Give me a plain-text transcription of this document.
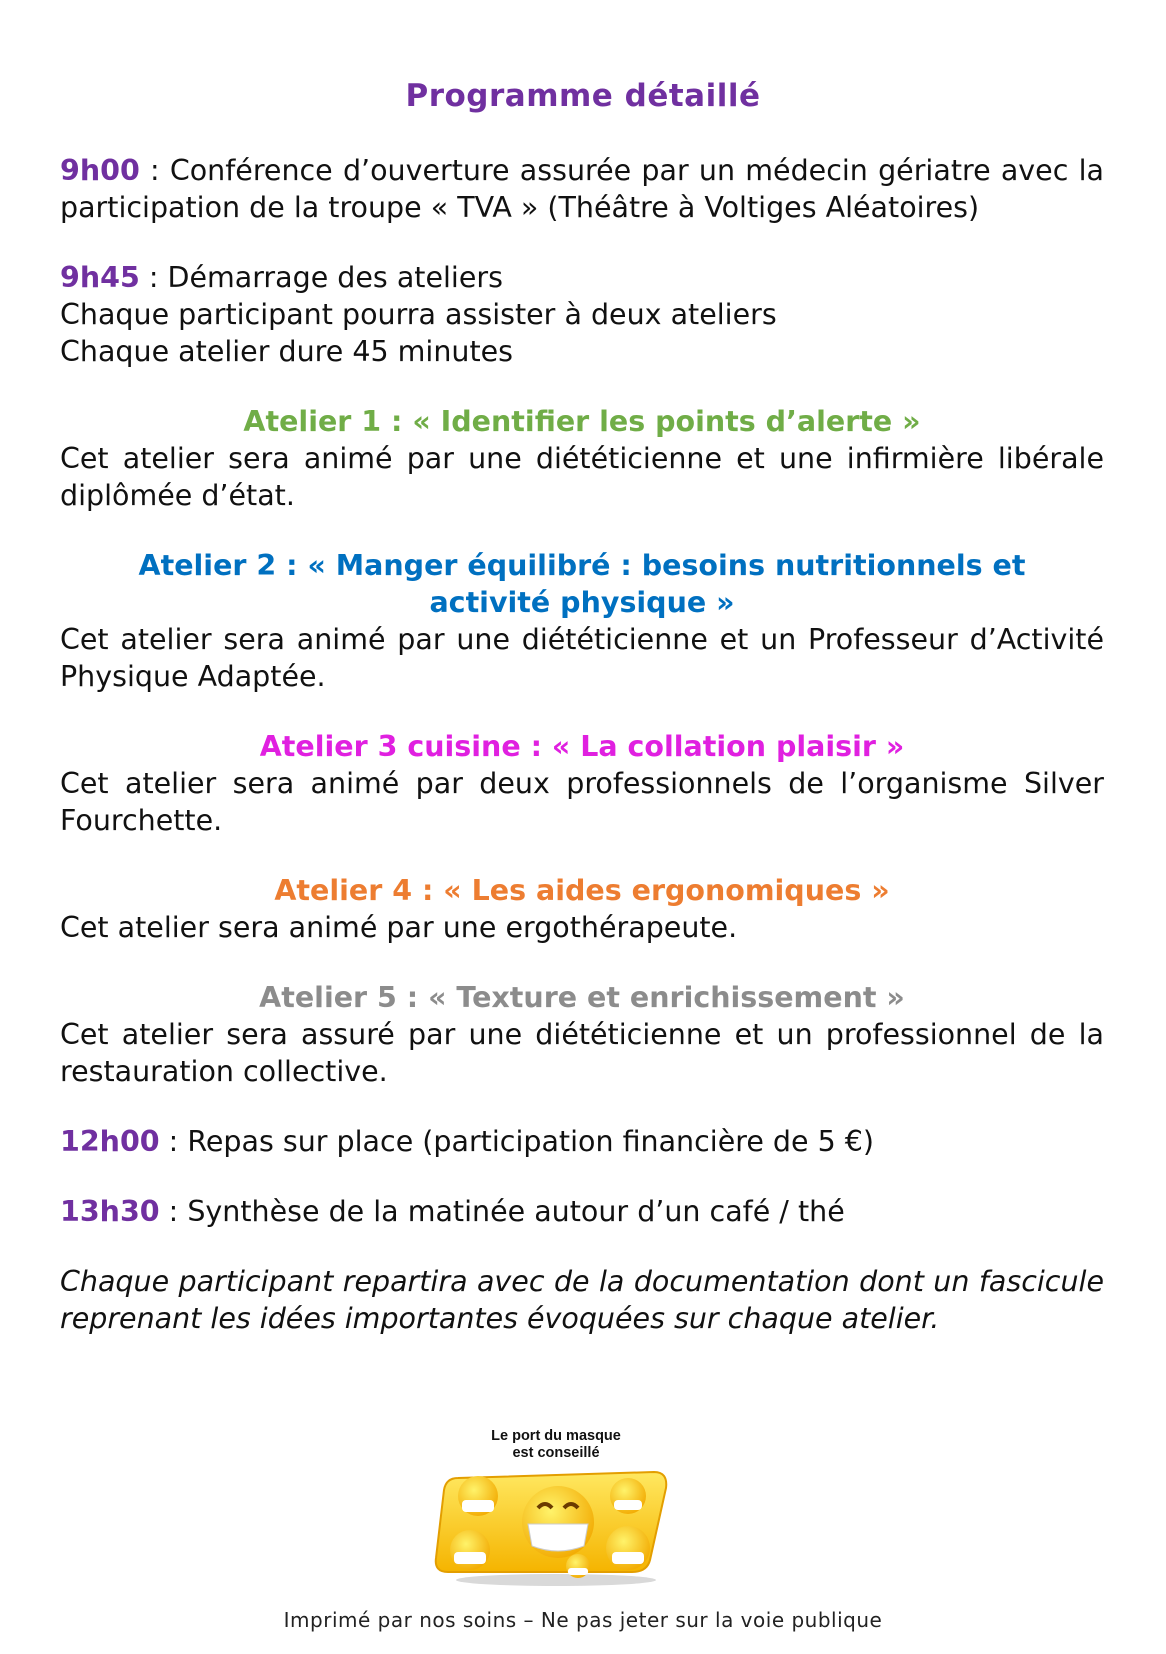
Programme détaillé

9h00 : Conférence d’ouverture assurée par un médecin gériatre avec la participation de la troupe « TVA » (Théâtre à Voltiges Aléatoires)

9h45 : Démarrage des ateliers
Chaque participant pourra assister à deux ateliers
Chaque atelier dure 45 minutes

Atelier 1 : « Identifier les points d’alerte »

Cet atelier sera animé par une diététicienne et une infirmière libérale diplômée d’état.

Atelier 2 : « Manger équilibré : besoins nutritionnels et activité physique »

Cet atelier sera animé par une diététicienne et un Professeur d’Activité Physique Adaptée.

Atelier 3 cuisine : « La collation plaisir »

Cet atelier sera animé par deux professionnels de l’organisme Silver Fourchette.

Atelier 4 : « Les aides ergonomiques »

Cet atelier sera animé par une ergothérapeute.

Atelier 5 : « Texture et enrichissement »

Cet atelier sera assuré par une diététicienne et un professionnel de la restauration collective.

12h00 : Repas sur place (participation financière de 5 €)

13h30 : Synthèse de la matinée autour d’un café / thé

Chaque participant repartira avec de la documentation dont un fascicule reprenant les idées importantes évoquées sur chaque atelier.

Le port du masque
est conseillé
Imprimé par nos soins – Ne pas jeter sur la voie publique
